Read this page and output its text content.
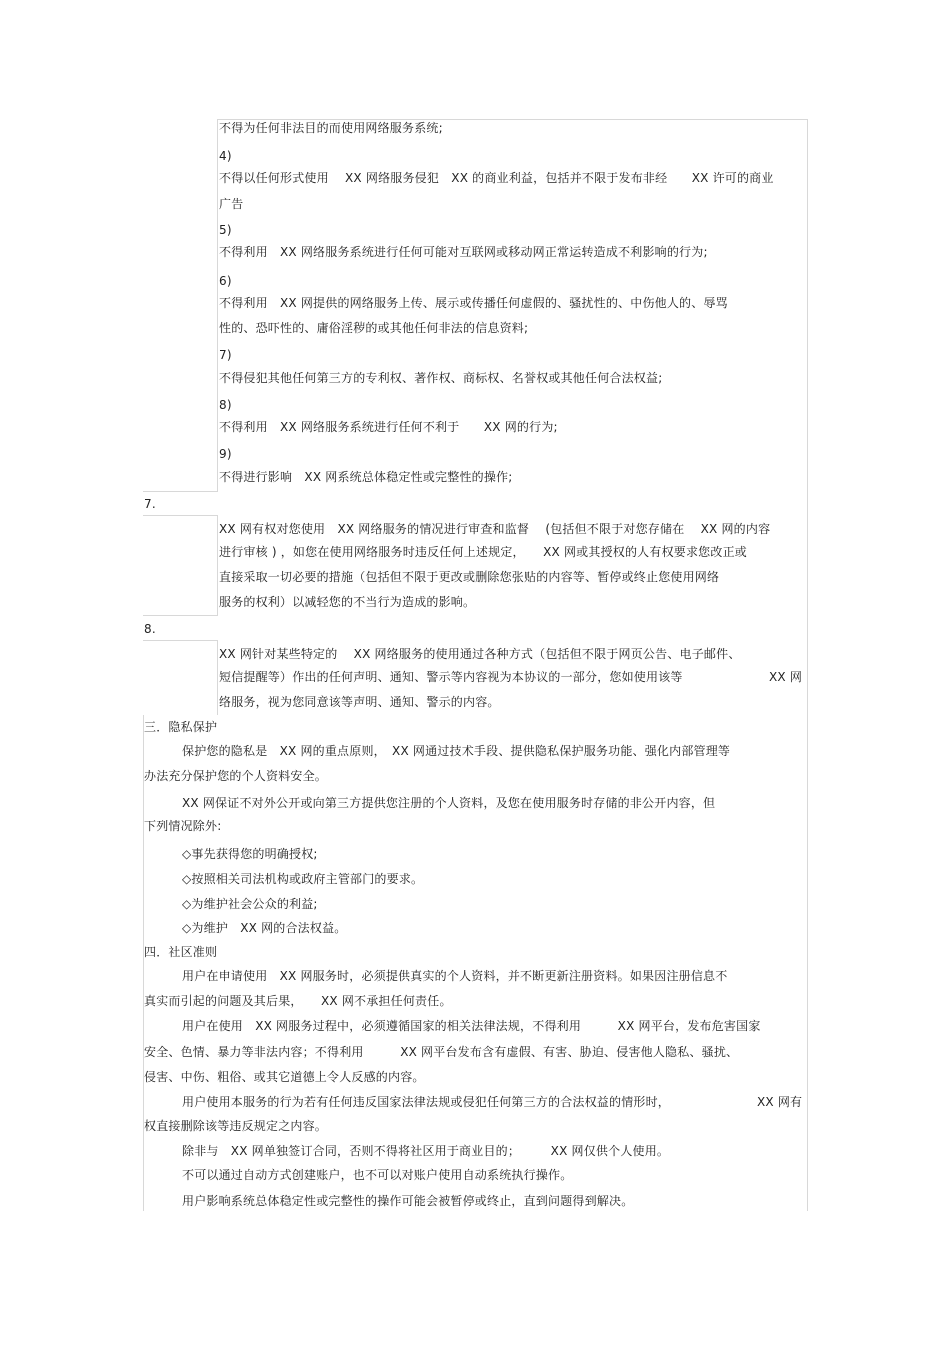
不得为任何非法目的而使用网络服务系统;

4)

不得以任何形式使用　 XX 网络服务侵犯　XX 的商业利益，包括并不限于发布非经　　XX 许可的商业

广告

5)

不得利用　XX 网络服务系统进行任何可能对互联网或移动网正常运转造成不利影响的行为;

6)

不得利用　XX 网提供的网络服务上传、展示或传播任何虚假的、骚扰性的、中伤他人的、辱骂

性的、恐吓性的、庸俗淫秽的或其他任何非法的信息资料;

7)

不得侵犯其他任何第三方的专利权、著作权、商标权、名誉权或其他任何合法权益;

8)

不得利用　XX 网络服务系统进行任何不利于　　XX 网的行为;

9)

不得进行影响　XX 网系统总体稳定性或完整性的操作;

7.

XX 网有权对您使用　XX 网络服务的情况进行审查和监督　 (包括但不限于对您存储在　 XX 网的内容

进行审核 ) ，如您在使用网络服务时违反任何上述规定，　　XX 网或其授权的人有权要求您改正或

直接采取一切必要的措施（包括但不限于更改或删除您张贴的内容等、暂停或终止您使用网络

服务的权利）以减轻您的不当行为造成的影响。

8.

XX 网针对某些特定的　 XX 网络服务的使用通过各种方式（包括但不限于网页公告、电子邮件、

短信提醒等）作出的任何声明、通知、警示等内容视为本协议的一部分，您如使用该等	XX 网

络服务，视为您同意该等声明、通知、警示的内容。

三．隐私保护

保护您的隐私是　XX 网的重点原则，　XX 网通过技术手段、提供隐私保护服务功能、强化内部管理等

办法充分保护您的个人资料安全。

XX 网保证不对外公开或向第三方提供您注册的个人资料，及您在使用服务时存储的非公开内容，但

下列情况除外:

◇事先获得您的明确授权;

◇按照相关司法机构或政府主管部门的要求。

◇为维护社会公众的利益;

◇为维护　XX 网的合法权益。

四．社区准则

用户在申请使用　XX 网服务时，必须提供真实的个人资料，并不断更新注册资料。如果因注册信息不

真实而引起的问题及其后果，　　XX 网不承担任何责任。

用户在使用　XX 网服务过程中，必须遵循国家的相关法律法规，不得利用　　　XX 网平台，发布危害国家

安全、色情、暴力等非法内容；不得利用　　　XX 网平台发布含有虚假、有害、胁迫、侵害他人隐私、骚扰、

侵害、中伤、粗俗、或其它道德上令人反感的内容。

用户使用本服务的行为若有任何违反国家法律法规或侵犯任何第三方的合法权益的情形时，	XX 网有

权直接删除该等违反规定之内容。

除非与　XX 网单独签订合同，否则不得将社区用于商业目的；　　　XX 网仅供个人使用。

不可以通过自动方式创建账户，也不可以对账户使用自动系统执行操作。

用户影响系统总体稳定性或完整性的操作可能会被暂停或终止，直到问题得到解决。
